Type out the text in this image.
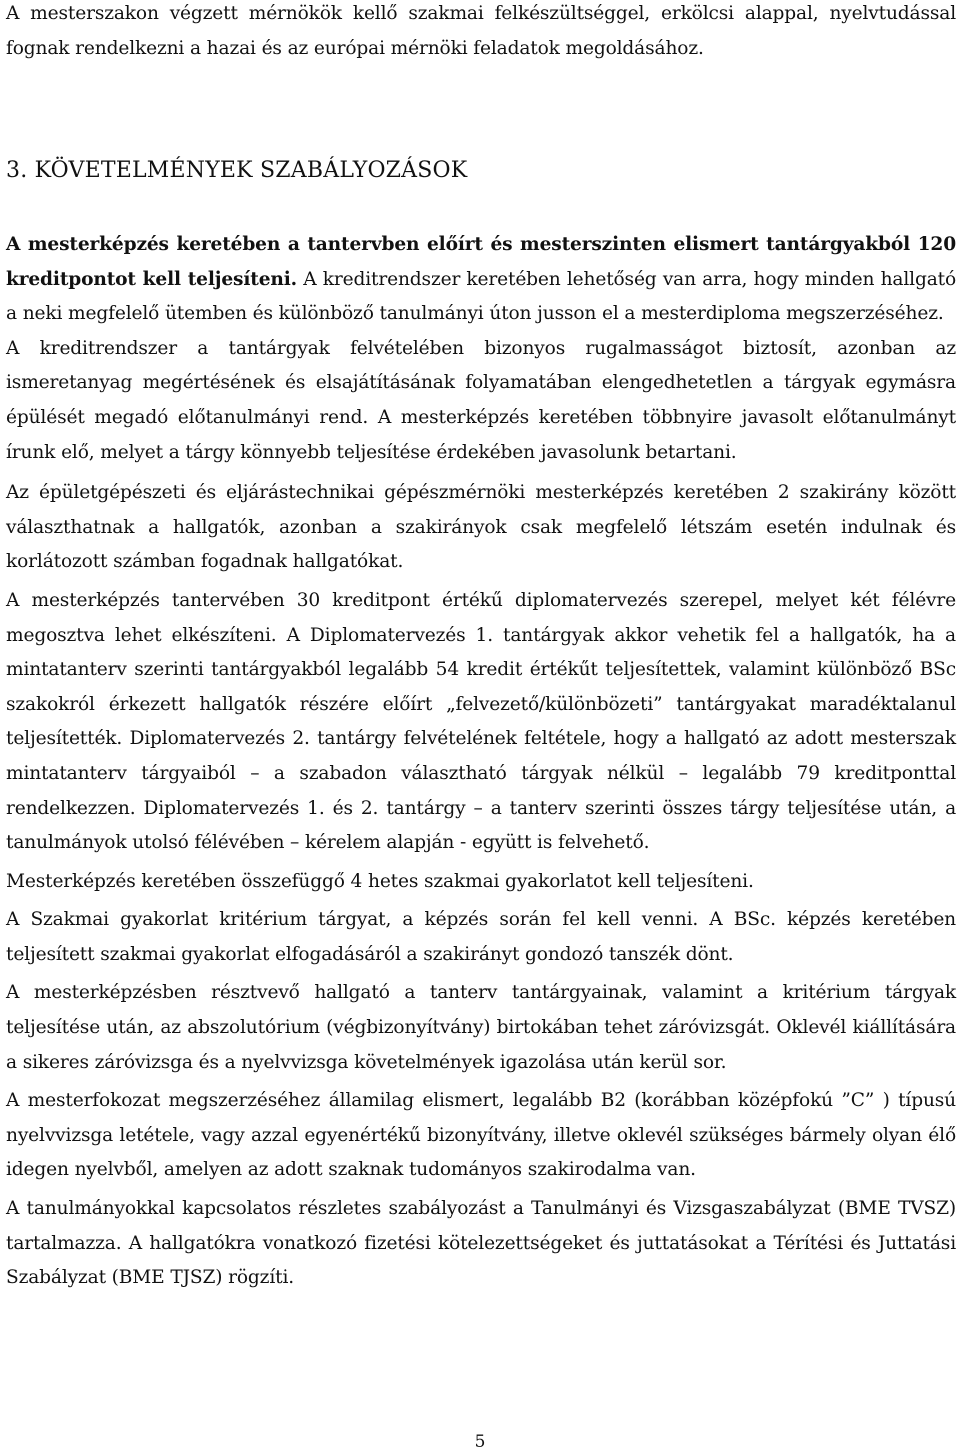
A mesterszakon végzett mérnökök kellő szakmai felkészültséggel, erkölcsi alappal, nyelvtudással fognak rendelkezni a hazai és az európai mérnöki feladatok megoldásához.

3. KÖVETELMÉNYEK SZABÁLYOZÁSOK

A mesterképzés keretében a tantervben előírt és mesterszinten elismert tantárgyakból 120 kreditpontot kell teljesíteni. A kreditrendszer keretében lehetőség van arra, hogy minden hallgató a neki megfelelő ütemben és különböző tanulmányi úton jusson el a mesterdiploma megszerzéséhez.

A kreditrendszer a tantárgyak felvételében bizonyos rugalmasságot biztosít, azonban az ismeretanyag megértésének és elsajátításának folyamatában elengedhetetlen a tárgyak egymásra épülését megadó előtanulmányi rend. A mesterképzés keretében többnyire javasolt előtanulmányt írunk elő, melyet a tárgy könnyebb teljesítése érdekében javasolunk betartani.

Az épületgépészeti és eljárástechnikai gépészmérnöki mesterképzés keretében 2 szakirány között választhatnak a hallgatók, azonban a szakirányok csak megfelelő létszám esetén indulnak és korlátozott számban fogadnak hallgatókat.

A mesterképzés tantervében 30 kreditpont értékű diplomatervezés szerepel, melyet két félévre megosztva lehet elkészíteni. A Diplomatervezés 1. tantárgyak akkor vehetik fel a hallgatók, ha a mintatanterv szerinti tantárgyakból legalább 54 kredit értékűt teljesítettek, valamint különböző BSc szakokról érkezett hallgatók részére előírt „felvezető/különbözeti” tantárgyakat maradéktalanul teljesítették. Diplomatervezés 2. tantárgy felvételének feltétele, hogy a hallgató az adott mesterszak mintatanterv tárgyaiból – a szabadon választható tárgyak nélkül – legalább 79 kreditponttal rendelkezzen. Diplomatervezés 1. és 2. tantárgy – a tanterv szerinti összes tárgy teljesítése után, a tanulmányok utolsó félévében – kérelem alapján - együtt is felvehető.

Mesterképzés keretében összefüggő 4 hetes szakmai gyakorlatot kell teljesíteni.

A Szakmai gyakorlat kritérium tárgyat, a képzés során fel kell venni. A BSc. képzés keretében teljesített szakmai gyakorlat elfogadásáról a szakirányt gondozó tanszék dönt.

A mesterképzésben résztvevő hallgató a tanterv tantárgyainak, valamint a kritérium tárgyak teljesítése után, az abszolutórium (végbizonyítvány) birtokában tehet záróvizsgát. Oklevél kiállítására a sikeres záróvizsga és a nyelvvizsga követelmények igazolása után kerül sor.

A mesterfokozat megszerzéséhez államilag elismert, legalább B2 (korábban középfokú ”C” ) típusú nyelvvizsga letétele, vagy azzal egyenértékű bizonyítvány, illetve oklevél szükséges bármely olyan élő idegen nyelvből, amelyen az adott szaknak tudományos szakirodalma van.

A tanulmányokkal kapcsolatos részletes szabályozást a Tanulmányi és Vizsgaszabályzat (BME TVSZ) tartalmazza. A hallgatókra vonatkozó fizetési kötelezettségeket és juttatásokat a Térítési és Juttatási Szabályzat (BME TJSZ) rögzíti.

5
